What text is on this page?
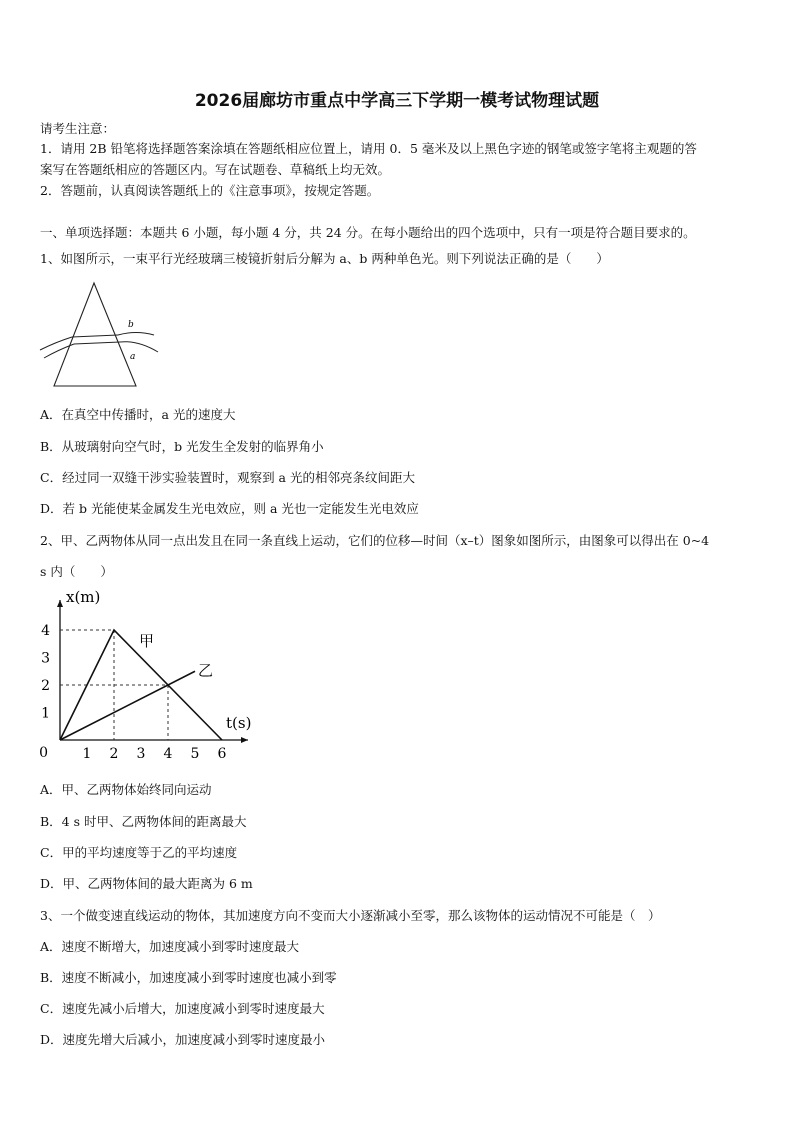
2026届廊坊市重点中学高三下学期一模考试物理试题
请考生注意：
1．请用 2B 铅笔将选择题答案涂填在答题纸相应位置上，请用 0．5 毫米及以上黑色字迹的钢笔或签字笔将主观题的答
案写在答题纸相应的答题区内。写在试题卷、草稿纸上均无效。
2．答题前，认真阅读答题纸上的《注意事项》，按规定答题。
一、单项选择题：本题共 6 小题，每小题 4 分，共 24 分。在每小题给出的四个选项中，只有一项是符合题目要求的。
1、如图所示，一束平行光经玻璃三棱镜折射后分解为 a、b 两种单色光。则下列说法正确的是（　　）
b
a
A．在真空中传播时，a 光的速度大
B．从玻璃射向空气时，b 光发生全发射的临界角小
C．经过同一双缝干涉实验装置时，观察到 a 光的相邻亮条纹间距大
D．若 b 光能使某金属发生光电效应，则 a 光也一定能发生光电效应
2、甲、乙两物体从同一点出发且在同一条直线上运动，它们的位移—时间（x–t）图象如图所示，由图象可以得出在 0~4
s 内（　　）
1 2 3 4 5 6
1
2
3
4
0
甲
乙
x(m)
t(s)
A．甲、乙两物体始终同向运动
B．4 s 时甲、乙两物体间的距离最大
C．甲的平均速度等于乙的平均速度
D．甲、乙两物体间的最大距离为 6 m
3、一个做变速直线运动的物体，其加速度方向不变而大小逐渐减小至零，那么该物体的运动情况不可能是（　）
A．速度不断增大，加速度减小到零时速度最大
B．速度不断减小，加速度减小到零时速度也减小到零
C．速度先减小后增大，加速度减小到零时速度最大
D．速度先增大后减小，加速度减小到零时速度最小
